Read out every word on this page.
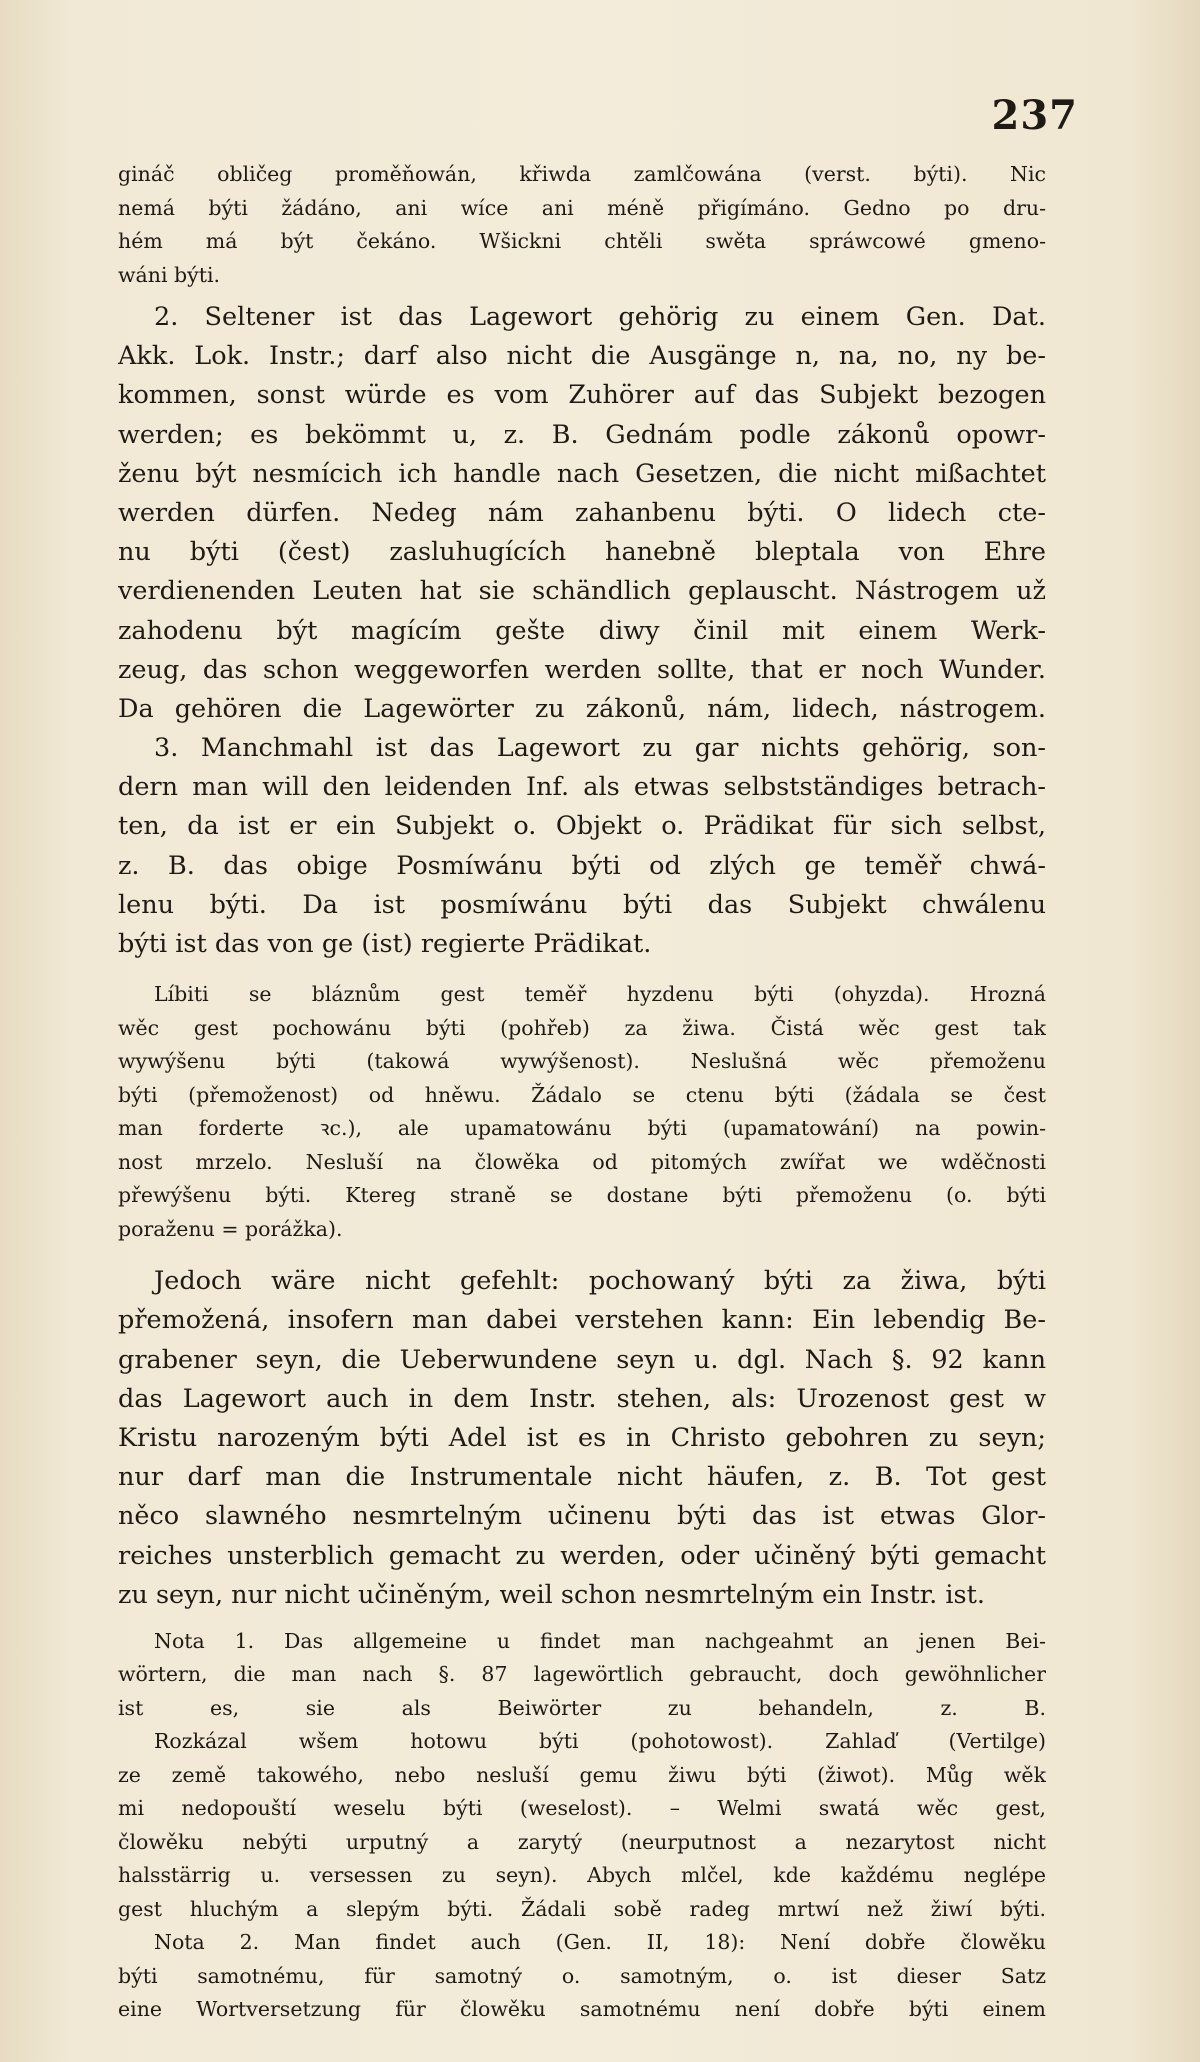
237
gináč obličeg proměňowán, křiwda zamlčowána (verst. býti). Nic
nemá býti žádáno, ani wíce ani méně přigímáno. Gedno po dru-
hém má být čekáno. Wšickni chtěli swěta spráwcowé gmeno-
wáni býti.
2. Seltener ist das Lagewort gehörig zu einem Gen. Dat.
Akk. Lok. Instr.; darf also nicht die Ausgänge n, na, no, ny be-
kommen, sonst würde es vom Zuhörer auf das Subjekt bezogen
werden; es bekömmt u, z. B. Gednám podle zákonů opowr-
ženu být nesmícich ich handle nach Gesetzen, die nicht mißachtet
werden dürfen. Nedeg nám zahanbenu býti. O lidech cte-
nu býti (čest) zasluhugících hanebně bleptala von Ehre
verdienenden Leuten hat sie schändlich geplauscht. Nástrogem už
zahodenu být magícím gešte diwy činil mit einem Werk-
zeug, das schon weggeworfen werden sollte, that er noch Wunder.
Da gehören die Lagewörter zu zákonů, nám, lidech, nástrogem.
3. Manchmahl ist das Lagewort zu gar nichts gehörig, son-
dern man will den leidenden Inf. als etwas selbstständiges betrach-
ten, da ist er ein Subjekt o. Objekt o. Prädikat für sich selbst,
z. B. das obige Posmíwánu býti od zlých ge teměř chwá-
lenu býti. Da ist posmíwánu býti das Subjekt chwálenu
býti ist das von ge (ist) regierte Prädikat.
Líbiti se bláznům gest teměř hyzdenu býti (ohyzda). Hrozná
wěc gest pochowánu býti (pohřeb) za žiwa. Čistá wěc gest tak
wywýšenu býti (takowá wywýšenost). Neslušná wěc přemoženu
býti (přemoženost) od hněwu. Žádalo se ctenu býti (žádala se čest
man forderte ꝛc.), ale upamatowánu býti (upamatowání) na powin-
nost mrzelo. Nesluší na člowěka od pitomých zwířat we wděčnosti
přewýšenu býti. Ktereg straně se dostane býti přemoženu (o. býti
poraženu = porážka).
Jedoch wäre nicht gefehlt: pochowaný býti za žiwa, býti
přemožená, insofern man dabei verstehen kann: Ein lebendig Be-
grabener seyn, die Ueberwundene seyn u. dgl. Nach §. 92 kann
das Lagewort auch in dem Instr. stehen, als: Urozenost gest w
Kristu narozeným býti Adel ist es in Christo gebohren zu seyn;
nur darf man die Instrumentale nicht häufen, z. B. Tot gest
něco slawného nesmrtelným učinenu býti das ist etwas Glor-
reiches unsterblich gemacht zu werden, oder učiněný býti gemacht
zu seyn, nur nicht učiněným, weil schon nesmrtelným ein Instr. ist.
Nota 1. Das allgemeine u findet man nachgeahmt an jenen Bei-
wörtern, die man nach §. 87 lagewörtlich gebraucht, doch gewöhnlicher
ist es, sie als Beiwörter zu behandeln, z. B.
Rozkázal wšem hotowu býti (pohotowost). Zahlaď (Vertilge)
ze země takowého, nebo nesluší gemu žiwu býti (žiwot). Můg wěk
mi nedopouští weselu býti (weselost). – Welmi swatá wěc gest,
člowěku nebýti urputný a zarytý (neurputnost a nezarytost nicht
halsstärrig u. versessen zu seyn). Abych mlčel, kde každému neglépe
gest hluchým a slepým býti. Žádali sobě radeg mrtwí než žiwí býti.
Nota 2. Man findet auch (Gen. II, 18): Není dobře člowěku
býti samotnému, für samotný o. samotným, o. ist dieser Satz
eine Wortversetzung für člowěku samotnému není dobře býti einem
